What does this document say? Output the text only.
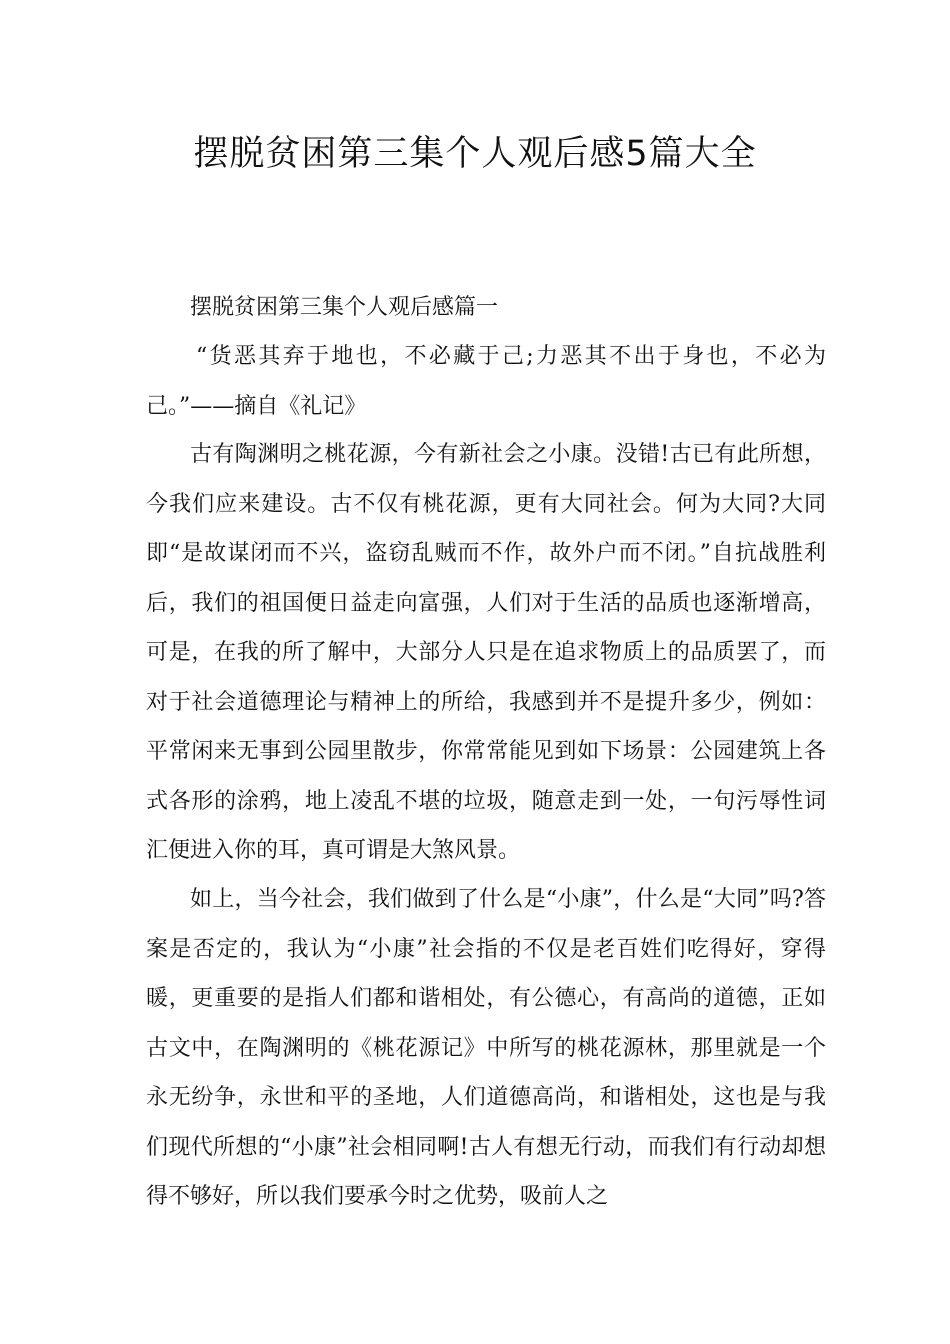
摆脱贫困第三集个人观后感5篇大全

摆脱贫困第三集个人观后感篇一

“货恶其弃于地也，不必藏于己;力恶其不出于身也，不必为己。”——摘自《礼记》

古有陶渊明之桃花源，今有新社会之小康。没错!古已有此所想，今我们应来建设。古不仅有桃花源，更有大同社会。何为大同?大同即“是故谋闭而不兴，盗窃乱贼而不作，故外户而不闭。”自抗战胜利后，我们的祖国便日益走向富强，人们对于生活的品质也逐渐增高，可是，在我的所了解中，大部分人只是在追求物质上的品质罢了，而对于社会道德理论与精神上的所给，我感到并不是提升多少，例如：平常闲来无事到公园里散步，你常常能见到如下场景：公园建筑上各式各形的涂鸦，地上凌乱不堪的垃圾，随意走到一处，一句污辱性词汇便进入你的耳，真可谓是大煞风景。

如上，当今社会，我们做到了什么是“小康”，什么是“大同”吗?答案是否定的，我认为“小康”社会指的不仅是老百姓们吃得好，穿得暖，更重要的是指人们都和谐相处，有公德心，有高尚的道德，正如古文中，在陶渊明的《桃花源记》中所写的桃花源林，那里就是一个永无纷争，永世和平的圣地，人们道德高尚，和谐相处，这也是与我们现代所想的“小康”社会相同啊!古人有想无行动，而我们有行动却想得不够好，所以我们要承今时之优势，吸前人之
